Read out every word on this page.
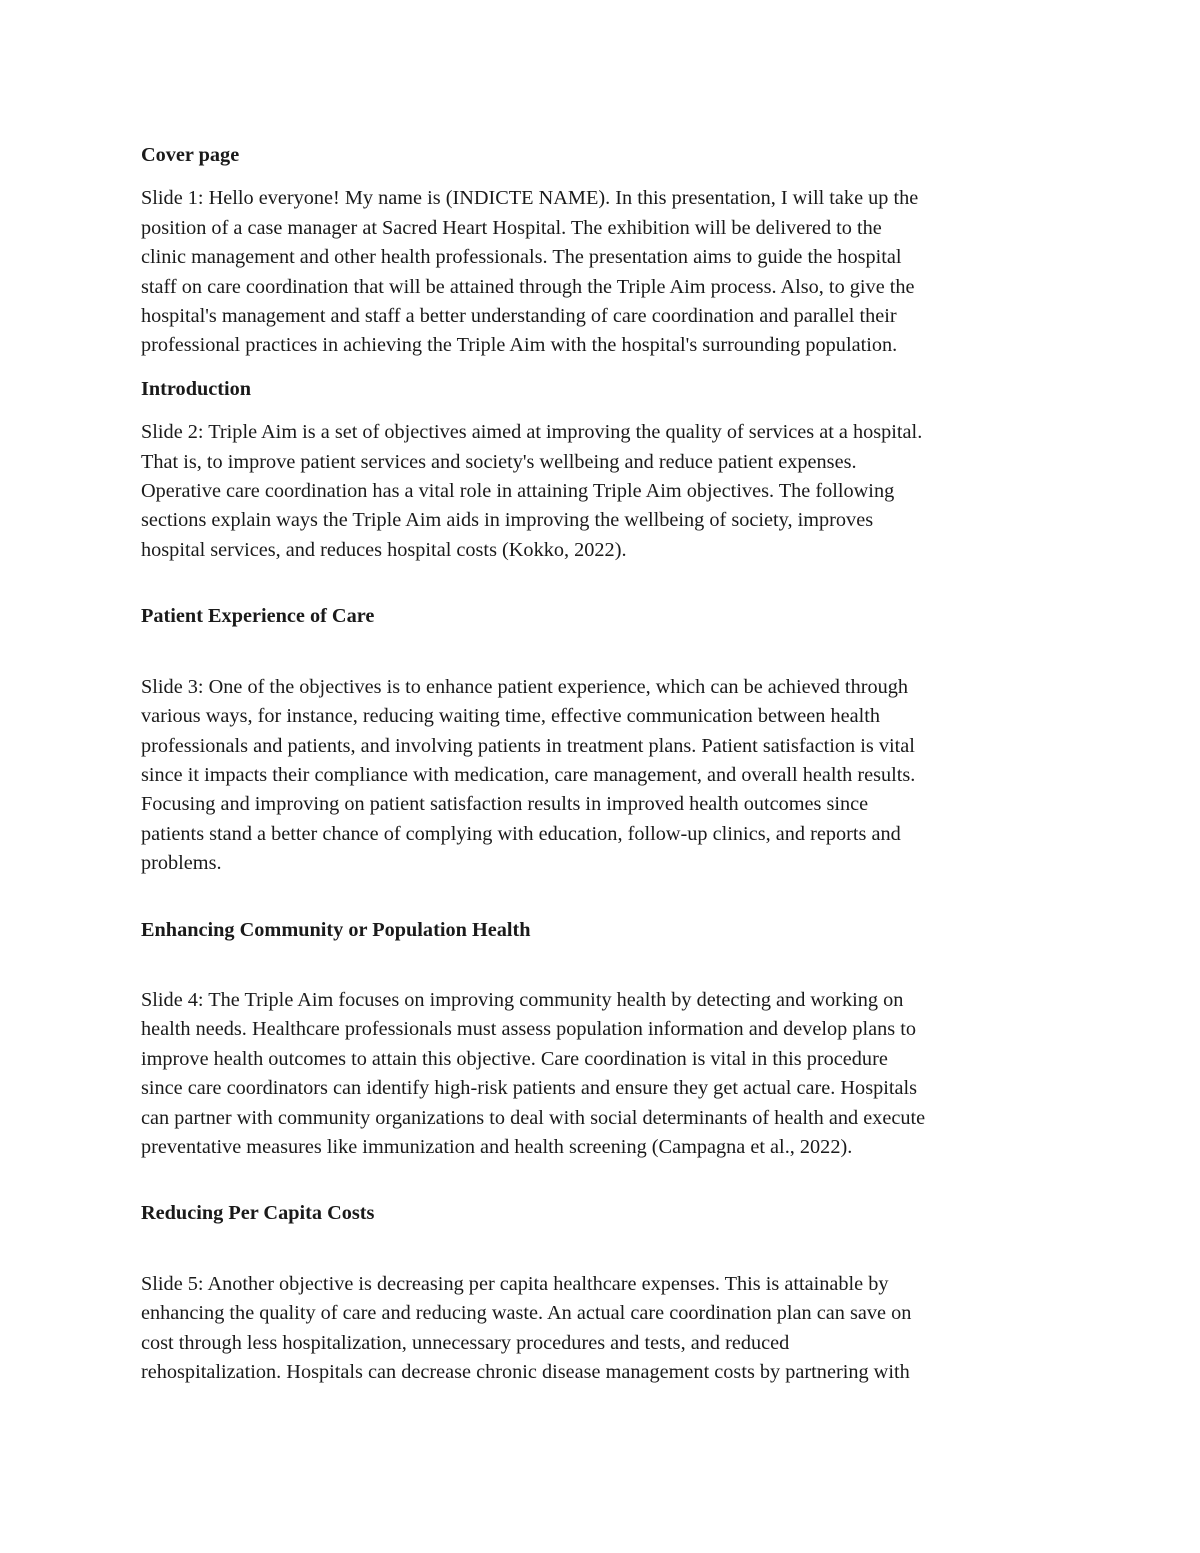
Cover page

Slide 1: Hello everyone! My name is (INDICTE NAME). In this presentation, I will take up the
position of a case manager at Sacred Heart Hospital. The exhibition will be delivered to the
clinic management and other health professionals. The presentation aims to guide the hospital
staff on care coordination that will be attained through the Triple Aim process. Also, to give the
hospital's management and staff a better understanding of care coordination and parallel their
professional practices in achieving the Triple Aim with the hospital's surrounding population.

Introduction

Slide 2: Triple Aim is a set of objectives aimed at improving the quality of services at a hospital.
That is, to improve patient services and society's wellbeing and reduce patient expenses.
Operative care coordination has a vital role in attaining Triple Aim objectives. The following
sections explain ways the Triple Aim aids in improving the wellbeing of society, improves
hospital services, and reduces hospital costs (Kokko, 2022).

Patient Experience of Care

Slide 3: One of the objectives is to enhance patient experience, which can be achieved through
various ways, for instance, reducing waiting time, effective communication between health
professionals and patients, and involving patients in treatment plans. Patient satisfaction is vital
since it impacts their compliance with medication, care management, and overall health results.
Focusing and improving on patient satisfaction results in improved health outcomes since
patients stand a better chance of complying with education, follow-up clinics, and reports and
problems.

Enhancing Community or Population Health

Slide 4: The Triple Aim focuses on improving community health by detecting and working on
health needs. Healthcare professionals must assess population information and develop plans to
improve health outcomes to attain this objective. Care coordination is vital in this procedure
since care coordinators can identify high-risk patients and ensure they get actual care. Hospitals
can partner with community organizations to deal with social determinants of health and execute
preventative measures like immunization and health screening (Campagna et al., 2022).

Reducing Per Capita Costs

Slide 5: Another objective is decreasing per capita healthcare expenses. This is attainable by
enhancing the quality of care and reducing waste. An actual care coordination plan can save on
cost through less hospitalization, unnecessary procedures and tests, and reduced
rehospitalization. Hospitals can decrease chronic disease management costs by partnering with
